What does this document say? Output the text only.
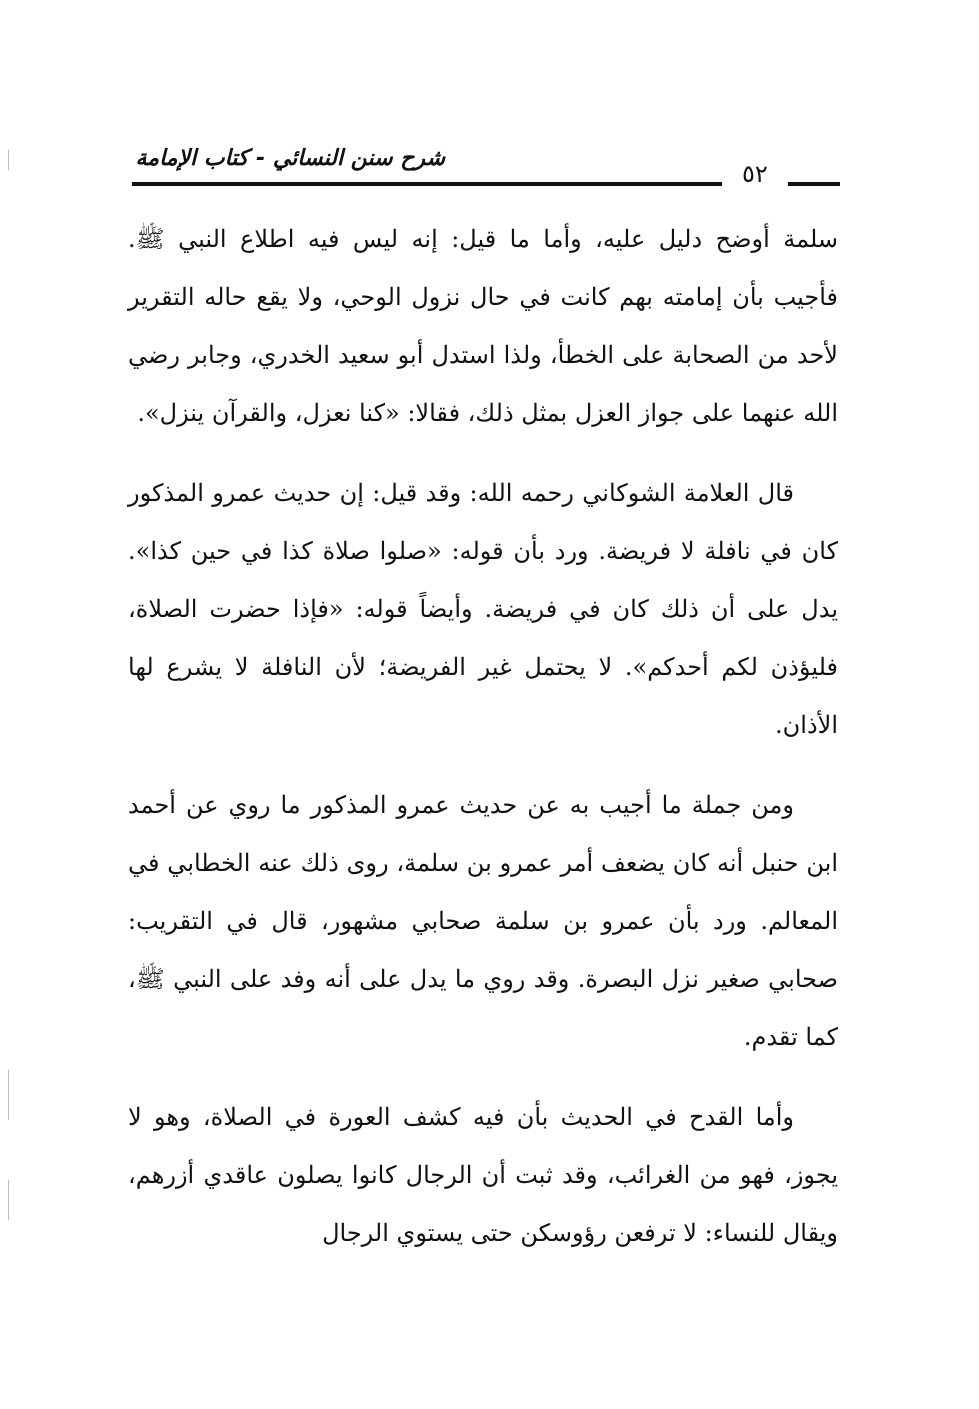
شرح سنن النسائي - كتاب الإمامة
٥٢

سلمة أوضح دليل عليه، وأما ما قيل: إنه ليس فيه اطلاع النبي ﷺ. فأجيب بأن إمامته بهم كانت في حال نزول الوحي، ولا يقع حاله التقرير لأحد من الصحابة على الخطأ، ولذا استدل أبو سعيد الخدري، وجابر رضي الله عنهما على جواز العزل بمثل ذلك، فقالا: «كنا نعزل، والقرآن ينزل».

قال العلامة الشوكاني رحمه الله: وقد قيل: إن حديث عمرو المذكور كان في نافلة لا فريضة. ورد بأن قوله: «صلوا صلاة كذا في حين كذا». يدل على أن ذلك كان في فريضة. وأيضاً قوله: «فإذا حضرت الصلاة، فليؤذن لكم أحدكم». لا يحتمل غير الفريضة؛ لأن النافلة لا يشرع لها الأذان.

ومن جملة ما أجيب به عن حديث عمرو المذكور ما روي عن أحمد ابن حنبل أنه كان يضعف أمر عمرو بن سلمة، روى ذلك عنه الخطابي في المعالم. ورد بأن عمرو بن سلمة صحابي مشهور، قال في التقريب: صحابي صغير نزل البصرة. وقد روي ما يدل على أنه وفد على النبي ﷺ، كما تقدم.

وأما القدح في الحديث بأن فيه كشف العورة في الصلاة، وهو لا يجوز، فهو من الغرائب، وقد ثبت أن الرجال كانوا يصلون عاقدي أزرهم، ويقال للنساء: لا ترفعن رؤوسكن حتى يستوي الرجال
